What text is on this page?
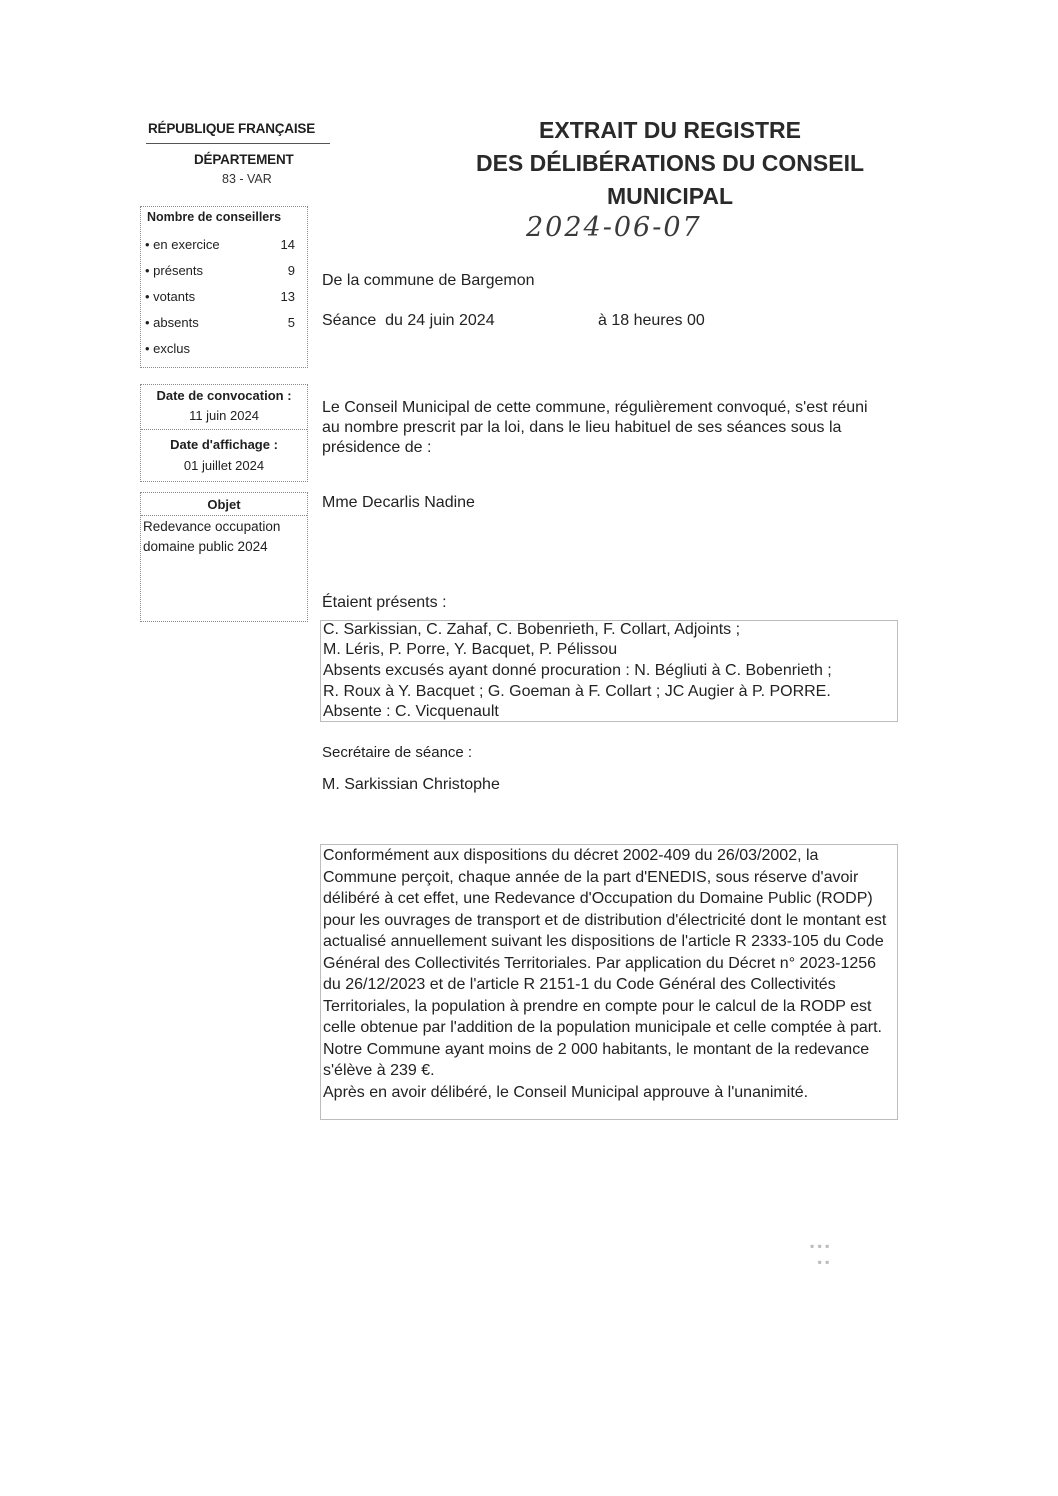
RÉPUBLIQUE FRANÇAISE
DÉPARTEMENT
83 - VAR
EXTRAIT DU REGISTRE
DES DÉLIBÉRATIONS DU CONSEIL
MUNICIPAL
2024-06-07
Nombre de conseillers
• en exercice	14
• présents	9
• votants	13
• absents	5
• exclus
Date de convocation :
11 juin 2024
Date d'affichage :
01 juillet 2024
Objet
Redevance occupation domaine public 2024
De la commune de Bargemon
Séance  du 24 juin 2024	à 18 heures 00
Le Conseil Municipal de cette commune, régulièrement convoqué, s'est réuni au nombre prescrit par la loi, dans le lieu habituel de ses séances sous la présidence de :
Mme Decarlis Nadine
Étaient présents :
C. Sarkissian, C. Zahaf, C. Bobenrieth, F. Collart, Adjoints ;
M. Léris, P. Porre, Y. Bacquet, P. Pélissou
Absents excusés ayant donné procuration : N. Bégliuti à C. Bobenrieth ;
R. Roux à Y. Bacquet ; G. Goeman à F. Collart ; JC Augier à P. PORRE.
Absente : C. Vicquenault
Secrétaire de séance :
M. Sarkissian Christophe

Conformément aux dispositions du décret 2002-409 du 26/03/2002, la Commune perçoit, chaque année de la part d'ENEDIS, sous réserve d'avoir délibéré à cet effet, une Redevance d'Occupation du Domaine Public (RODP) pour les ouvrages de transport et de distribution d'électricité dont le montant est actualisé annuellement suivant les dispositions de l'article R 2333-105 du Code Général des Collectivités Territoriales. Par application du Décret n° 2023-1256 du 26/12/2023 et de l'article R 2151-1 du Code Général des Collectivités Territoriales, la population à prendre en compte pour le calcul de la RODP est celle obtenue par l'addition de la population municipale et celle comptée à part. Notre Commune ayant moins de 2 000 habitants, le montant de la redevance s'élève à 239 €.

Après en avoir délibéré, le Conseil Municipal approuve à l'unanimité.

▪ ▪ ▪
▪ ▪
